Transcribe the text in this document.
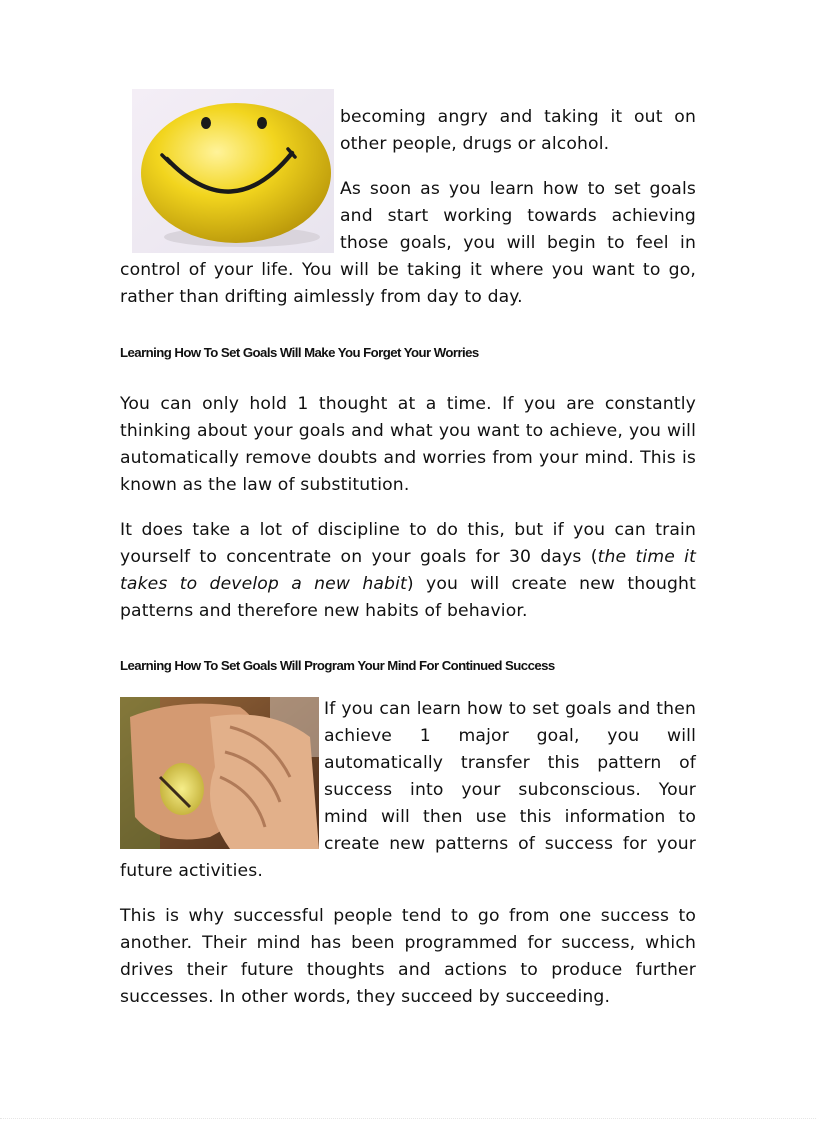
becoming angry and taking it out on other people, drugs or alcohol.

As soon as you learn how to set goals and start working towards achieving those goals, you will begin to feel in control of your life. You will be taking it where you want to go, rather than drifting aimlessly from day to day.

Learning How To Set Goals Will Make You Forget Your Worries

You can only hold 1 thought at a time. If you are constantly thinking about your goals and what you want to achieve, you will automatically remove doubts and worries from your mind. This is known as the law of substitution.

It does take a lot of discipline to do this, but if you can train yourself to concentrate on your goals for 30 days (the time it takes to develop a new habit) you will create new thought patterns and therefore new habits of behavior.

Learning How To Set Goals Will Program Your Mind For Continued Success

If you can learn how to set goals and then achieve 1 major goal, you will automatically transfer this pattern of success into your subconscious. Your mind will then use this information to create new patterns of success for your future activities.

This is why successful people tend to go from one success to another. Their mind has been programmed for success, which drives their future thoughts and actions to produce further successes. In other words, they succeed by succeeding.
